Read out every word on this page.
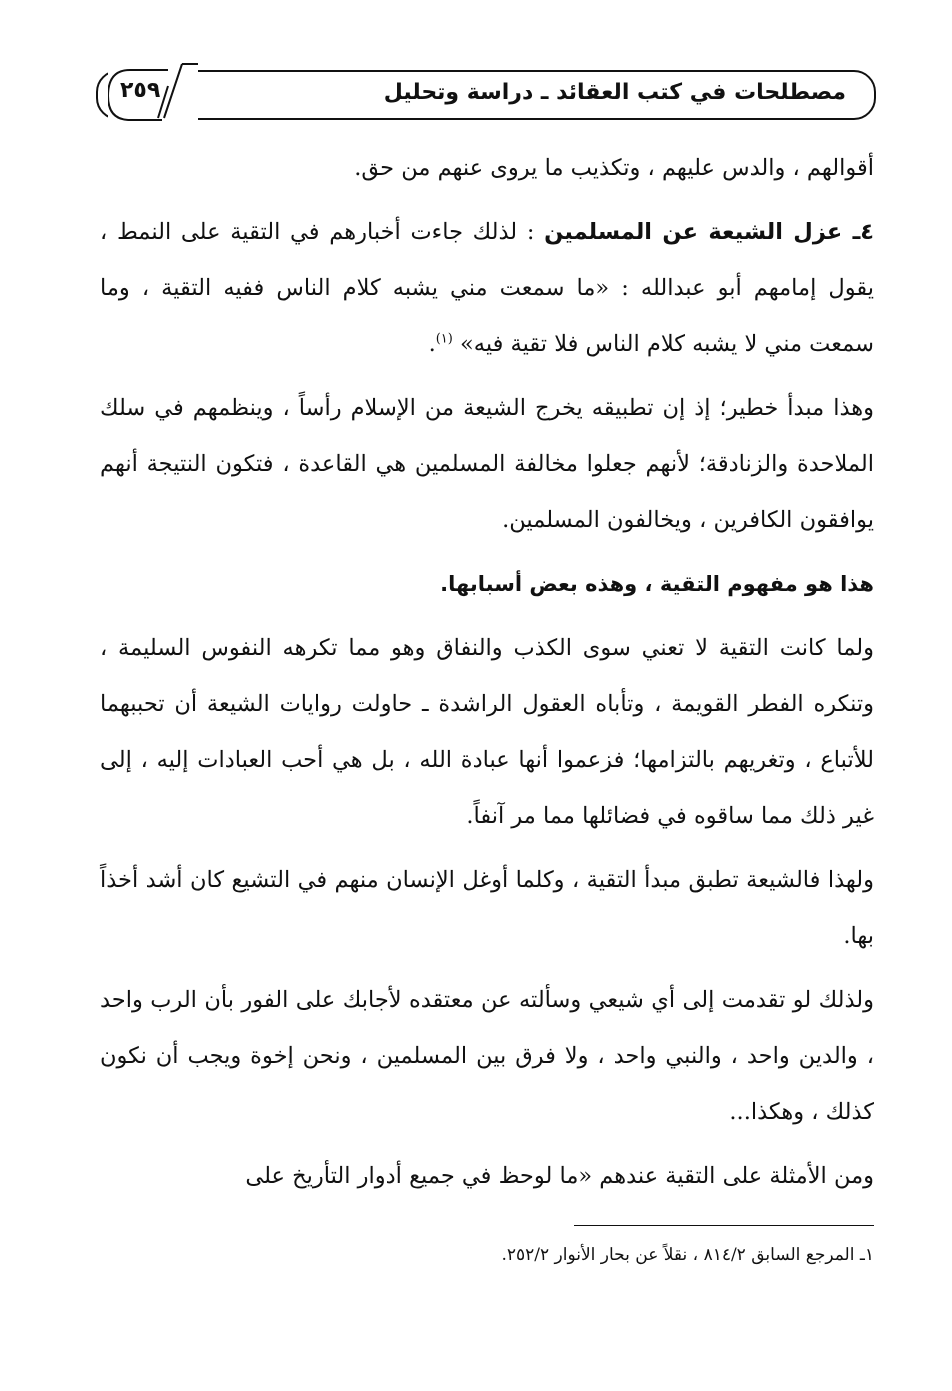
مصطلحات في كتب العقائد ـ دراسة وتحليل
٢٥٩

أقوالهم ، والدس عليهم ، وتكذيب ما يروى عنهم من حق.

٤ـ عزل الشيعة عن المسلمين : لذلك جاءت أخبارهم في التقية على النمط ، يقول إمامهم أبو عبدالله : «ما سمعت مني يشبه كلام الناس ففيه التقية ، وما سمعت مني لا يشبه كلام الناس فلا تقية فيه» $^{(١)}$.

وهذا مبدأ خطير؛ إذ إن تطبيقه يخرج الشيعة من الإسلام رأساً ، وينظمهم في سلك الملاحدة والزنادقة؛ لأنهم جعلوا مخالفة المسلمين هي القاعدة ، فتكون النتيجة أنهم يوافقون الكافرين ، ويخالفون المسلمين.

هذا هو مفهوم التقية ، وهذه بعض أسبابها.

ولما كانت التقية لا تعني سوى الكذب والنفاق وهو مما تكرهه النفوس السليمة ، وتنكره الفطر القويمة ، وتأباه العقول الراشدة ـ حاولت روايات الشيعة أن تحببهما للأتباع ، وتغريهم بالتزامها؛ فزعموا أنها عبادة الله ، بل هي أحب العبادات إليه ، إلى غير ذلك مما ساقوه في فضائلها مما مر آنفاً.

ولهذا فالشيعة تطبق مبدأ التقية ، وكلما أوغل الإنسان منهم في التشيع كان أشد أخذاً بها.

ولذلك لو تقدمت إلى أي شيعي وسألته عن معتقده لأجابك على الفور بأن الرب واحد ، والدين واحد ، والنبي واحد ، ولا فرق بين المسلمين ، ونحن إخوة ويجب أن نكون كذلك ، وهكذا...

ومن الأمثلة على التقية عندهم «ما لوحظ في جميع أدوار التأريخ على

١ـ المرجع السابق ٨١٤/٢ ، نقلاً عن بحار الأنوار ٢٥٢/٢.
